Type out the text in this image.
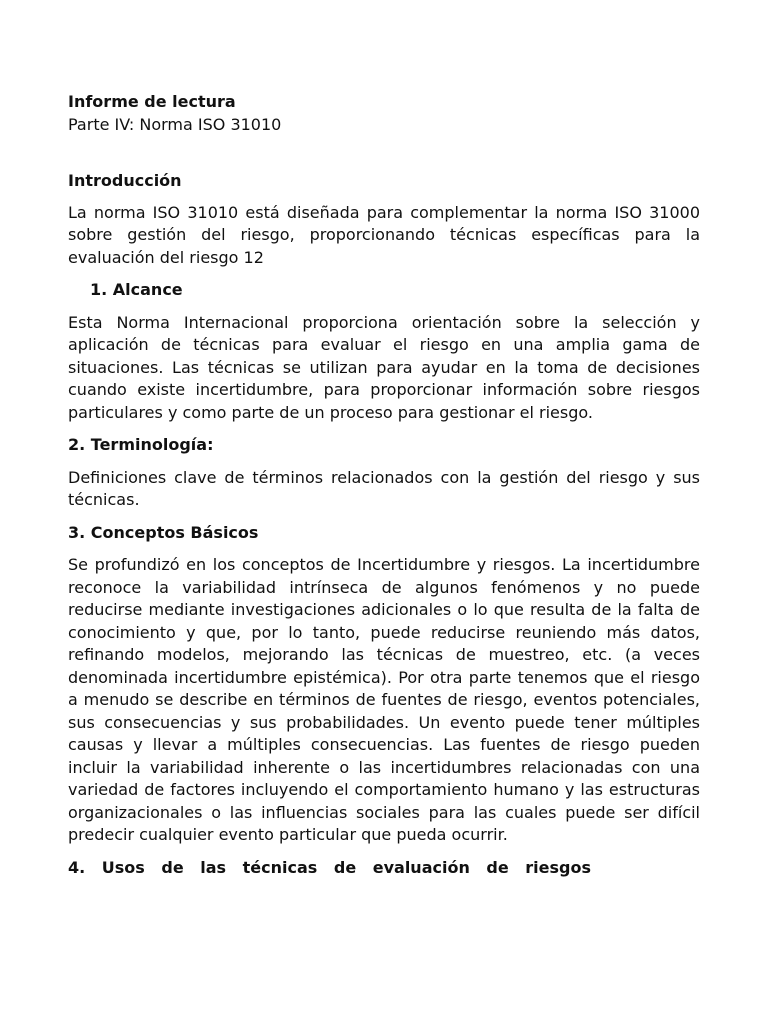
Informe de lectura
Parte IV: Norma ISO 31010
Introducción

La norma ISO 31010 está diseñada para complementar la norma ISO 31000 sobre gestión del riesgo, proporcionando técnicas específicas para la evaluación del riesgo 12

1. Alcance

Esta Norma Internacional proporciona orientación sobre la selección y aplicación de técnicas para evaluar el riesgo en una amplia gama de situaciones. Las técnicas se utilizan para ayudar en la toma de decisiones cuando existe incertidumbre, para proporcionar información sobre riesgos particulares y como parte de un proceso para gestionar el riesgo.

2. Terminología:

Definiciones clave de términos relacionados con la gestión del riesgo y sus técnicas.

3. Conceptos Básicos

Se profundizó en los conceptos de Incertidumbre y riesgos. La incertidumbre reconoce la variabilidad intrínseca de algunos fenómenos y no puede reducirse mediante investigaciones adicionales o lo que resulta de la falta de conocimiento y que, por lo tanto, puede reducirse reuniendo más datos, refinando modelos, mejorando las técnicas de muestreo, etc. (a veces denominada incertidumbre epistémica). Por otra parte tenemos que el riesgo a menudo se describe en términos de fuentes de riesgo, eventos potenciales, sus consecuencias y sus probabilidades. Un evento puede tener múltiples causas y llevar a múltiples consecuencias. Las fuentes de riesgo pueden incluir la variabilidad inherente o las incertidumbres relacionadas con una variedad de factores incluyendo el comportamiento humano y las estructuras organizacionales o las influencias sociales para las cuales puede ser difícil predecir cualquier evento particular que pueda ocurrir.

4. Usos de las técnicas de evaluación de riesgos
